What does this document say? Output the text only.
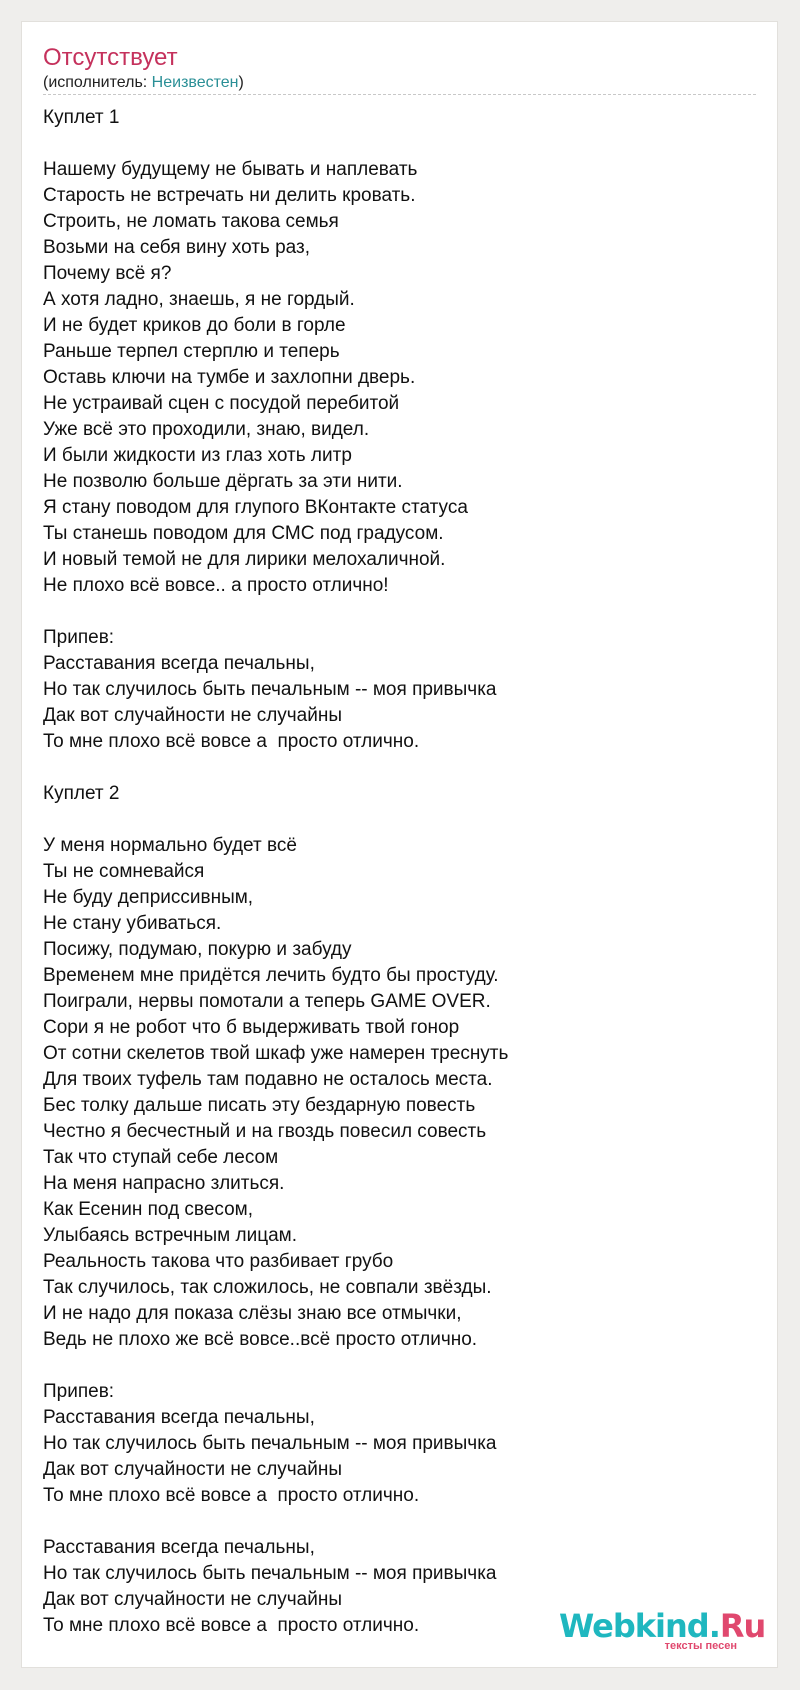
Отсутствует
(исполнитель: Неизвестен)
Куплет 1
Нашему будущему не бывать и наплевать
Старость не встречать ни делить кровать.
Строить, не ломать такова семья
Возьми на себя вину хоть раз,
Почему всё я?
А хотя ладно, знаешь, я не гордый.
И не будет криков до боли в горле
Раньше терпел стерплю и теперь
Оставь ключи на тумбе и захлопни дверь.
Не устраивай сцен с посудой перебитой
Уже всё это проходили, знаю, видел.
И были жидкости из глаз хоть литр
Не позволю больше дёргать за эти нити.
Я стану поводом для глупого ВКонтакте статуса
Ты станешь поводом для СМС под градусом.
И новый темой не для лирики мелохаличной.
Не плохо всё вовсе.. а просто отлично!
Припев:
Расставания всегда печальны,
Но так случилось быть печальным -- моя привычка
Дак вот случайности не случайны
То мне плохо всё вовсе а  просто отлично.
Куплет 2
У меня нормально будет всё
Ты не сомневайся
Не буду деприссивным,
Не стану убиваться.
Посижу, подумаю, покурю и забуду
Временем мне придётся лечить будто бы простуду.
Поиграли, нервы помотали а теперь GAME OVER.
Сори я не робот что б выдерживать твой гонор
От сотни скелетов твой шкаф уже намерен треснуть
Для твоих туфель там подавно не осталось места.
Бес толку дальше писать эту бездарную повесть
Честно я бесчестный и на гвоздь повесил совесть
Так что ступай себе лесом
На меня напрасно злиться.
Как Есенин под свесом,
Улыбаясь встречным лицам.
Реальность такова что разбивает грубо
Так случилось, так сложилось, не совпали звёзды.
И не надо для показа слёзы знаю все отмычки,
Ведь не плохо же всё вовсе..всё просто отлично.
Припев:
Расставания всегда печальны,
Но так случилось быть печальным -- моя привычка
Дак вот случайности не случайны
То мне плохо всё вовсе а  просто отлично.
Расставания всегда печальны,
Но так случилось быть печальным -- моя привычка
Дак вот случайности не случайны
То мне плохо всё вовсе а  просто отлично.	Webkind.Ru
тексты песен
